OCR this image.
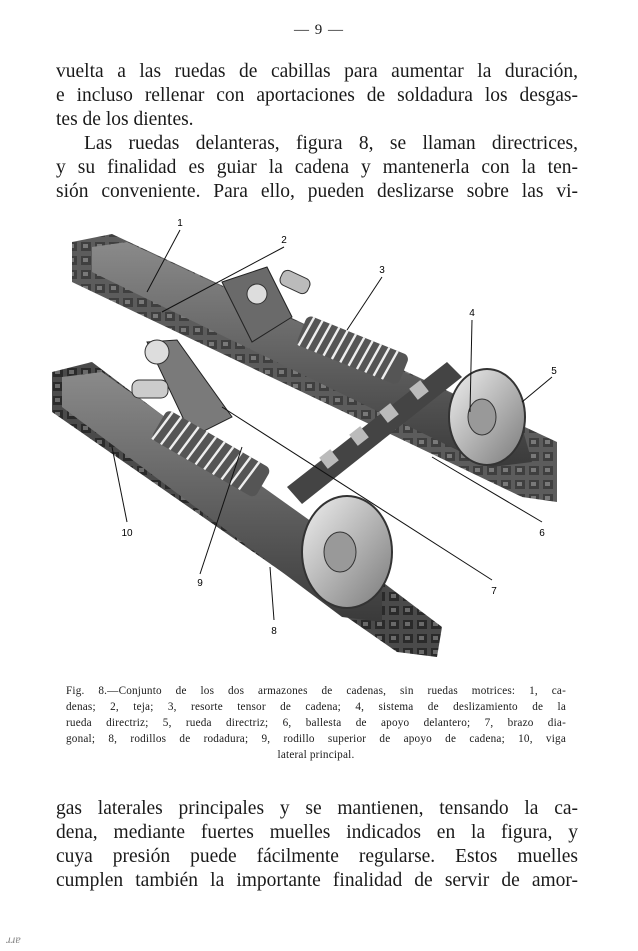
— 9 —
vuelta a las ruedas de cabillas para aumentar la duración,
e incluso rellenar con aportaciones de soldadura los desgas-
tes de los dientes.
Las ruedas delanteras, figura 8, se llaman directrices,
y su finalidad es guiar la cadena y mantenerla con la ten-
sión conveniente. Para ello, pueden deslizarse sobre las vi-
1
2
3
4
5
6
7
8
9
10
Fig. 8.—Conjunto de los dos armazones de cadenas, sin ruedas motrices: 1, ca-
denas; 2, teja; 3, resorte tensor de cadena; 4, sistema de deslizamiento de la
rueda directriz; 5, rueda directriz; 6, ballesta de apoyo delantero; 7, brazo dia-
gonal; 8, rodillos de rodadura; 9, rodillo superior de apoyo de cadena; 10, viga
lateral principal.
gas laterales principales y se mantienen, tensando la ca-
dena, mediante fuertes muelles indicados en la figura, y
cuya presión puede fácilmente regularse. Estos muelles
cumplen también la importante finalidad de servir de amor-
ɹɹɐ
